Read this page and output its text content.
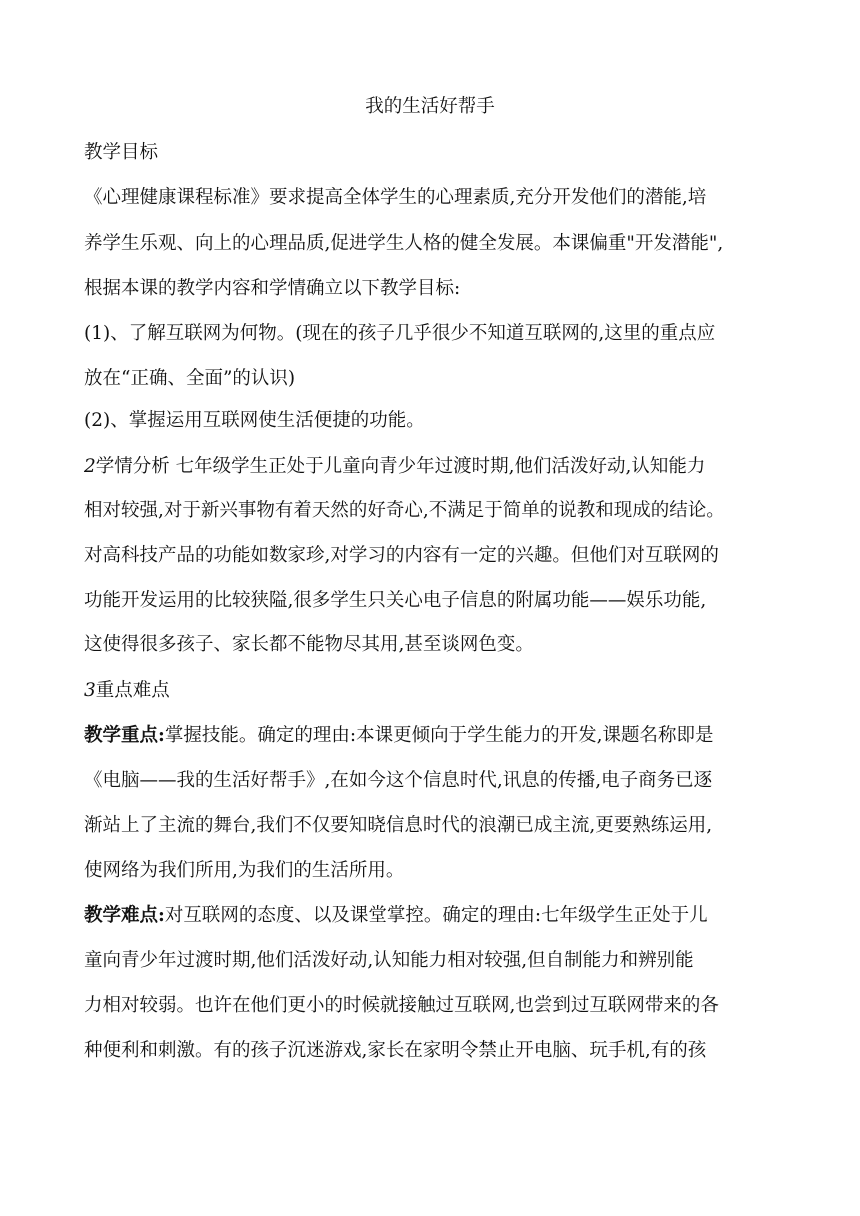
我的生活好帮手
教学目标
《心理健康课程标准》要求提高全体学生的心理素质,充分开发他们的潜能,培
养学生乐观、向上的心理品质,促进学生人格的健全发展。本课偏重"开发潜能",
根据本课的教学内容和学情确立以下教学目标:
(1)、了解互联网为何物。(现在的孩子几乎很少不知道互联网的,这里的重点应
放在“正确、全面”的认识)
(2)、掌握运用互联网使生活便捷的功能。
2学情分析 七年级学生正处于儿童向青少年过渡时期,他们活泼好动,认知能力
相对较强,对于新兴事物有着天然的好奇心,不满足于简单的说教和现成的结论。
对高科技产品的功能如数家珍,对学习的内容有一定的兴趣。但他们对互联网的
功能开发运用的比较狭隘,很多学生只关心电子信息的附属功能——娱乐功能,
这使得很多孩子、家长都不能物尽其用,甚至谈网色变。
3重点难点
教学重点:掌握技能。确定的理由:本课更倾向于学生能力的开发,课题名称即是
《电脑——我的生活好帮手》,在如今这个信息时代,讯息的传播,电子商务已逐
渐站上了主流的舞台,我们不仅要知晓信息时代的浪潮已成主流,更要熟练运用,
使网络为我们所用,为我们的生活所用。
教学难点:对互联网的态度、以及课堂掌控。确定的理由:七年级学生正处于儿
童向青少年过渡时期,他们活泼好动,认知能力相对较强,但自制能力和辨别能
力相对较弱。也许在他们更小的时候就接触过互联网,也尝到过互联网带来的各
种便利和刺激。有的孩子沉迷游戏,家长在家明令禁止开电脑、玩手机,有的孩
